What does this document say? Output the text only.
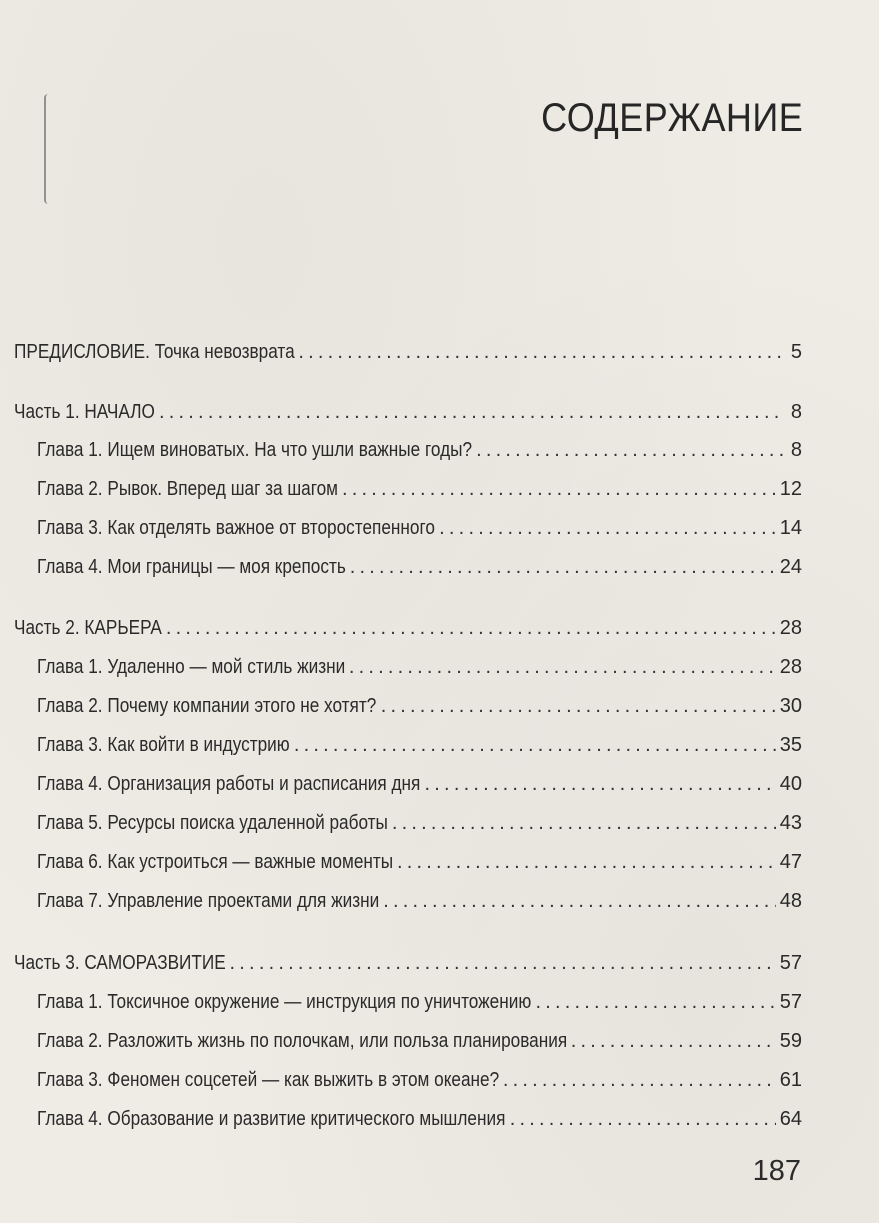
СОДЕРЖАНИЕ
ПРЕДИСЛОВИЕ. Точка невозврата .....	5
Часть 1. НАЧАЛО .....	8
Глава 1. Ищем виноватых. На что ушли важные годы? .....	8
Глава 2. Рывок. Вперед шаг за шагом .....	12
Глава 3. Как отделять важное от второстепенного .....	14
Глава 4. Мои границы — моя крепость .....	24
Часть 2. КАРЬЕРА .....	28
Глава 1. Удаленно — мой стиль жизни .....	28
Глава 2. Почему компании этого не хотят? .....	30
Глава 3. Как войти в индустрию .....	35
Глава 4. Организация работы и расписания дня .....	40
Глава 5. Ресурсы поиска удаленной работы .....	43
Глава 6. Как устроиться — важные моменты .....	47
Глава 7. Управление проектами для жизни .....	48
Часть 3. САМОРАЗВИТИЕ .....	57
Глава 1. Токсичное окружение — инструкция по уничтожению .....	57
Глава 2. Разложить жизнь по полочкам, или польза планирования .....	59
Глава 3. Феномен соцсетей — как выжить в этом океане? .....	61
Глава 4. Образование и развитие критического мышления .....	64
187
